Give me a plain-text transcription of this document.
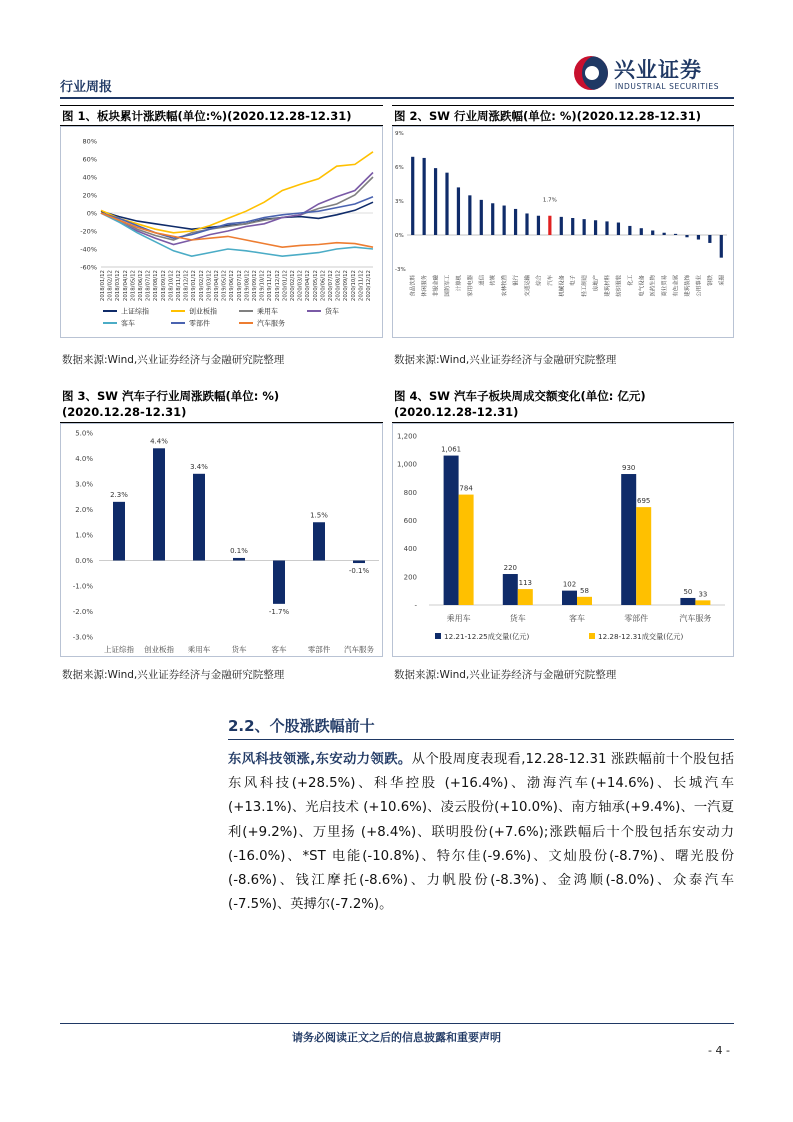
行业周报
兴业证券
INDUSTRIAL SECURITIES
图 1、板块累计涨跌幅(单位:%)(2020.12.28-12.31)
80%
60%
40%
20%
0%
-20%
-40%
-60%
2018/01/12 2018/02/12 2018/03/12 2018/04/12 2018/05/12 2018/06/12 2018/07/12 2018/08/12 2018/09/12 2018/10/12 2018/11/12 2018/12/12 2019/01/12 2019/02/12 2019/03/12 2019/04/12 2019/05/12 2019/06/12 2019/07/12 2019/08/12 2019/09/12 2019/10/12 2019/11/12 2019/12/12 2020/01/12 2020/02/12 2020/03/12 2020/04/12 2020/05/12 2020/06/12 2020/07/12 2020/08/12 2020/09/12 2020/10/12 2020/11/12 2020/12/12
上证综指	创业板指	乘用车	货车
客车	零部件	汽车服务
数据来源:Wind,兴业证券经济与金融研究院整理
图 2、SW 行业周涨跌幅(单位: %)(2020.12.28-12.31)
9%
6%
3%
0%
-3%
食品饮料	休闲服务	非银金融	国防军工	计算机	家用电器	通信	传媒	农林牧渔	银行	交通运输	综合
1.7%
汽车	机械设备	电子	轻工制造	房地产	建筑材料	纺织服装	化工	电气设备	医药生物	商业贸易	有色金属	建筑装饰	公用事业	钢铁	采掘
数据来源:Wind,兴业证券经济与金融研究院整理
图 3、SW 汽车子行业周涨跌幅(单位: %)
(2020.12.28-12.31)
5.0%
4.0%
3.0%
2.0%
1.0%
0.0%
-1.0%
-2.0%
-3.0%
2.3%
上证综指
4.4%
创业板指
3.4%
乘用车
0.1%
货车
-1.7%
客车
1.5%
零部件
-0.1%
汽车服务
数据来源:Wind,兴业证券经济与金融研究院整理
图 4、SW 汽车子板块周成交额变化(单位: 亿元)
(2020.12.28-12.31)
1,200
1,000
800
600
400
200
-
1,061
784
乘用车
220
113
货车
102
58
客车
930
695
零部件
50 33
汽车服务
12.21-12.25成交量(亿元)	12.28-12.31成交量(亿元)
数据来源:Wind,兴业证券经济与金融研究院整理
2.2、个股涨跌幅前十
东风科技领涨,东安动力领跌。从个股周度表现看,12.28-12.31 涨跌幅前十个股包括东风科技(+28.5%)、科华控股 (+16.4%)、渤海汽车(+14.6%)、长城汽车(+13.1%)、光启技术 (+10.6%)、凌云股份(+10.0%)、南方轴承(+9.4%)、一汽夏利(+9.2%)、万里扬 (+8.4%)、联明股份(+7.6%);涨跌幅后十个股包括东安动力(-16.0%)、*ST 电能(-10.8%)、特尔佳(-9.6%)、文灿股份(-8.7%)、曙光股份(-8.6%)、钱江摩托(-8.6%)、力帆股份(-8.3%)、金鸿顺(-8.0%)、众泰汽车(-7.5%)、英搏尔(-7.2%)。
请务必阅读正文之后的信息披露和重要声明
- 4 -
